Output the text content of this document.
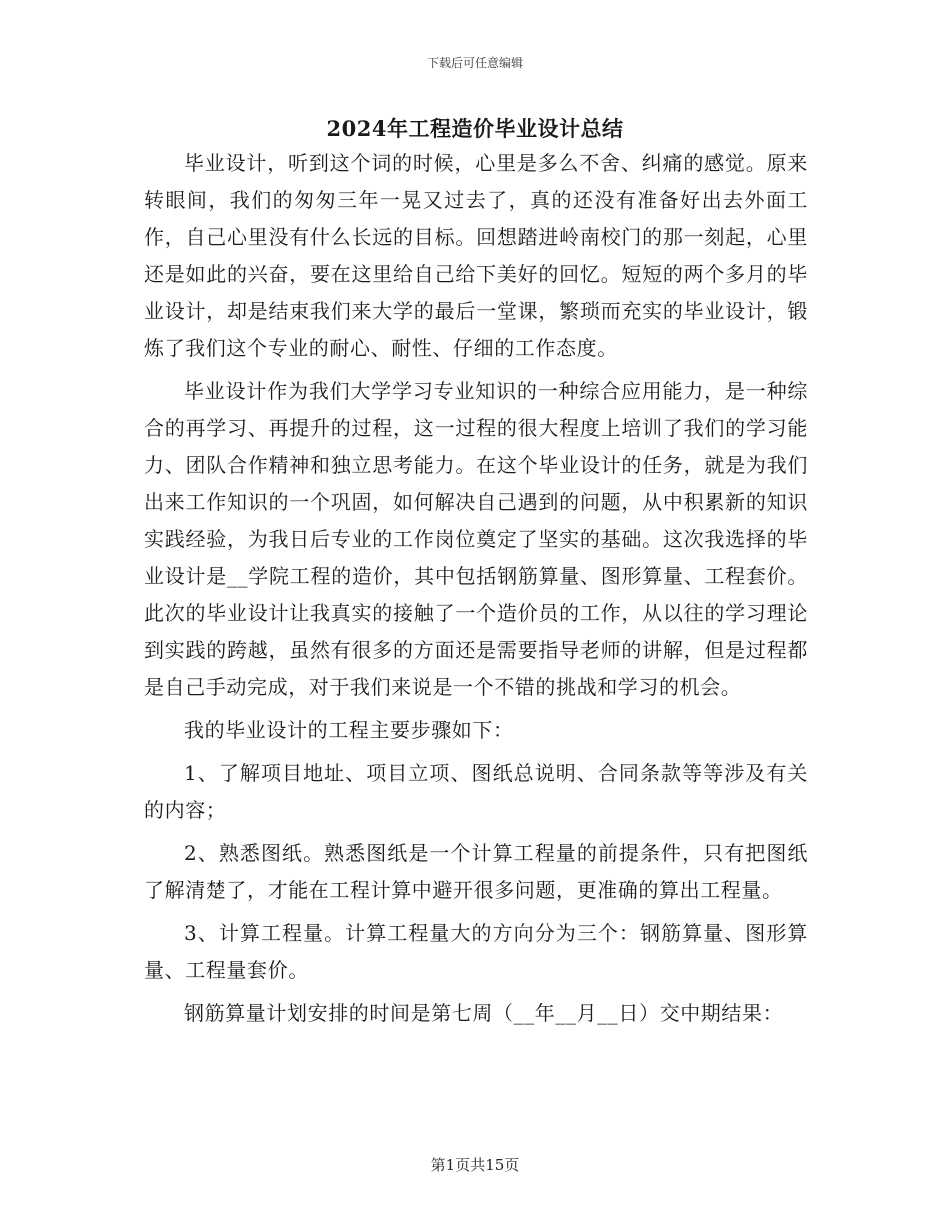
下载后可任意编辑
2024年工程造价毕业设计总结

毕业设计，听到这个词的时候，心里是多么不舍、纠痛的感觉。原来转眼间，我们的匆匆三年一晃又过去了，真的还没有准备好出去外面工作，自己心里没有什么长远的目标。回想踏进岭南校门的那一刻起，心里还是如此的兴奋，要在这里给自己给下美好的回忆。短短的两个多月的毕业设计，却是结束我们来大学的最后一堂课，繁琐而充实的毕业设计，锻炼了我们这个专业的耐心、耐性、仔细的工作态度。

毕业设计作为我们大学学习专业知识的一种综合应用能力，是一种综合的再学习、再提升的过程，这一过程的很大程度上培训了我们的学习能力、团队合作精神和独立思考能力。在这个毕业设计的任务，就是为我们出来工作知识的一个巩固，如何解决自己遇到的问题，从中积累新的知识实践经验，为我日后专业的工作岗位奠定了坚实的基础。这次我选择的毕业设计是__学院工程的造价，其中包括钢筋算量、图形算量、工程套价。此次的毕业设计让我真实的接触了一个造价员的工作，从以往的学习理论到实践的跨越，虽然有很多的方面还是需要指导老师的讲解，但是过程都是自己手动完成，对于我们来说是一个不错的挑战和学习的机会。

我的毕业设计的工程主要步骤如下：

1、了解项目地址、项目立项、图纸总说明、合同条款等等涉及有关的内容；

2、熟悉图纸。熟悉图纸是一个计算工程量的前提条件，只有把图纸了解清楚了，才能在工程计算中避开很多问题，更准确的算出工程量。

3、计算工程量。计算工程量大的方向分为三个：钢筋算量、图形算量、工程量套价。

钢筋算量计划安排的时间是第七周（__年__月__日）交中期结果：

第1页共15页
